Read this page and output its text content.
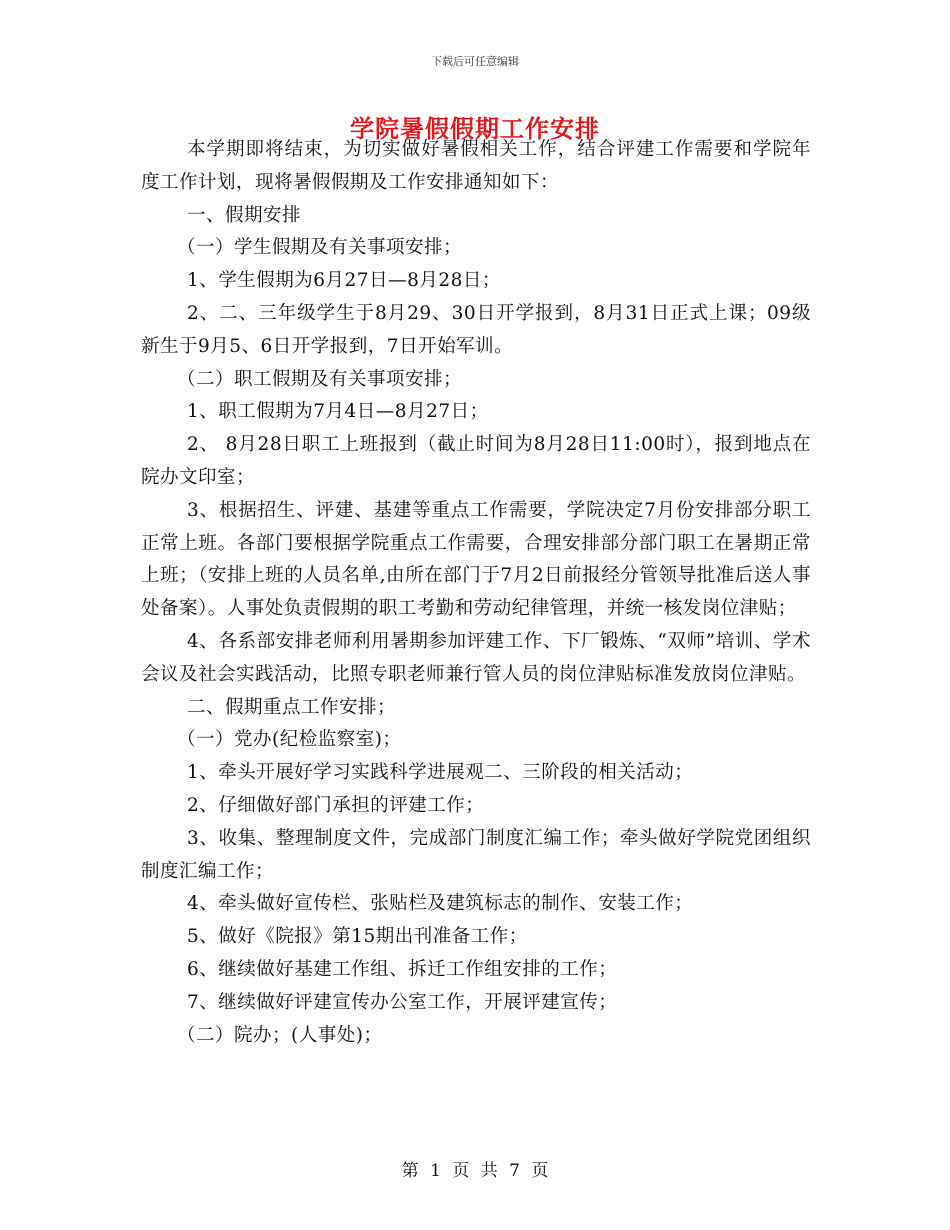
下载后可任意编辑
学院暑假假期工作安排

本学期即将结束，为切实做好暑假相关工作，结合评建工作需要和学院年度工作计划，现将暑假假期及工作安排通知如下：

一、假期安排

（一）学生假期及有关事项安排；

1、学生假期为6月27日—8月28日；

2、二、三年级学生于8月29、30日开学报到，8月31日正式上课；09级新生于9月5、6日开学报到，7日开始军训。

（二）职工假期及有关事项安排；

1、职工假期为7月4日—8月27日；

2、 8月28日职工上班报到（截止时间为8月28日11:00时），报到地点在院办文印室；

3、根据招生、评建、基建等重点工作需要，学院决定7月份安排部分职工正常上班。各部门要根据学院重点工作需要，合理安排部分部门职工在暑期正常上班；（安排上班的人员名单,由所在部门于7月2日前报经分管领导批准后送人事处备案）。人事处负责假期的职工考勤和劳动纪律管理，并统一核发岗位津贴；

4、各系部安排老师利用暑期参加评建工作、下厂锻炼、“双师”培训、学术会议及社会实践活动，比照专职老师兼行管人员的岗位津贴标准发放岗位津贴。

二、假期重点工作安排；

（一）党办(纪检监察室)；

1、牵头开展好学习实践科学进展观二、三阶段的相关活动；

2、仔细做好部门承担的评建工作；

3、收集、整理制度文件，完成部门制度汇编工作；牵头做好学院党团组织制度汇编工作；

4、牵头做好宣传栏、张贴栏及建筑标志的制作、安装工作；

5、做好《院报》第15期出刊准备工作；

6、继续做好基建工作组、拆迁工作组安排的工作；

7、继续做好评建宣传办公室工作，开展评建宣传；

（二）院办；(人事处)；

第 1 页 共 7 页
